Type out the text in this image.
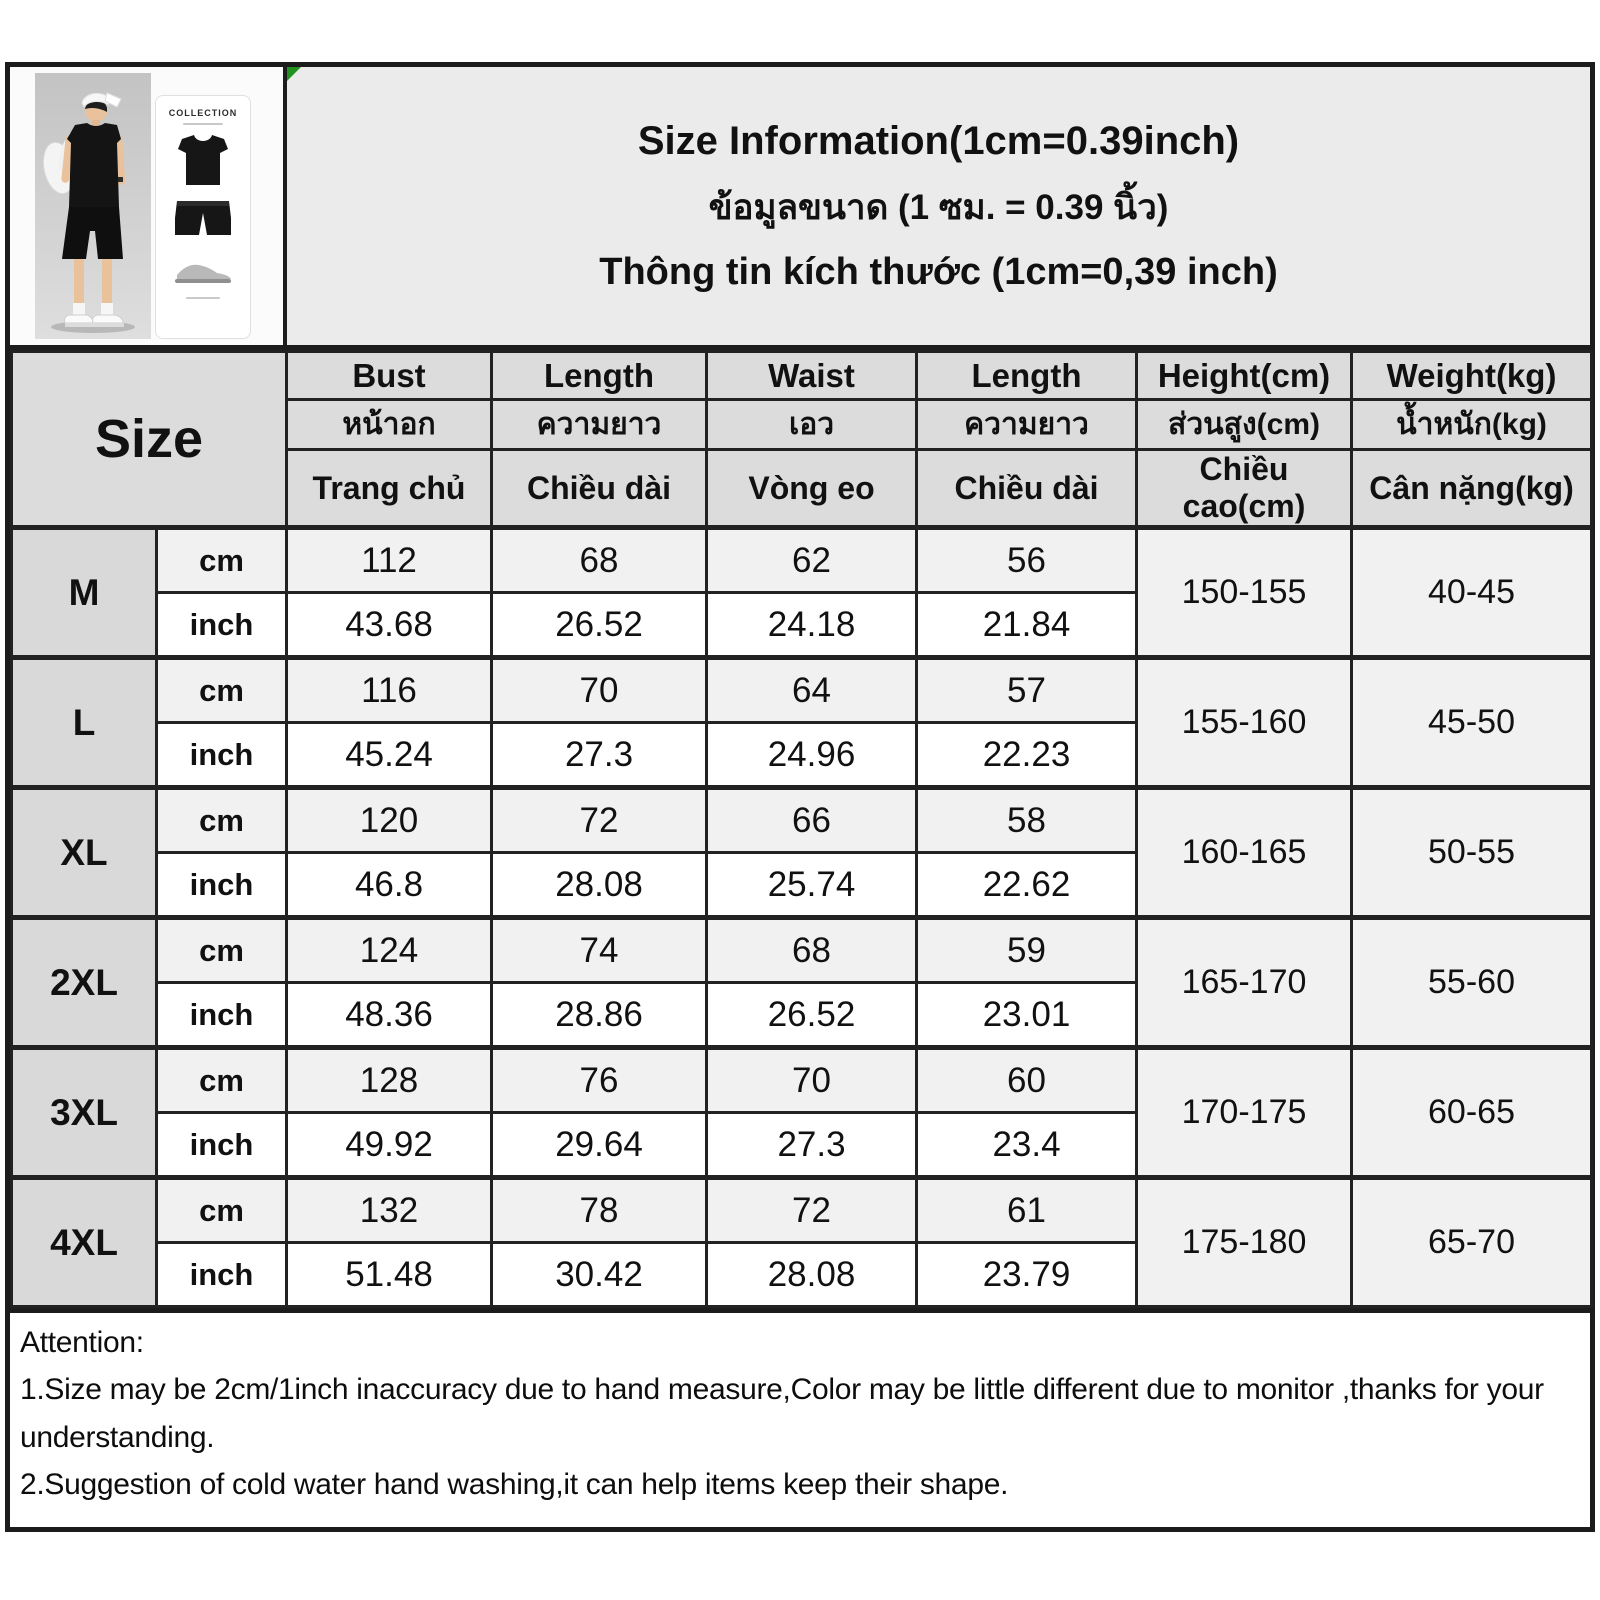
COLLECTION
Size Information(1cm=0.39inch)
ข้อมูลขนาด (1 ซม. = 0.39 นิ้ว)
Thông tin kích thước (1cm=0,39 inch)
Size		Bust	Length	Waist	Length	Height(cm)	Weight(kg)
		หน้าอก	ความยาว	เอว	ความยาว	ส่วนสูง(cm)	น้ำหนัก(kg)
		Trang chủ	Chiều dài	Vòng eo	Chiều dài	Chiều cao(cm)	Cân nặng(kg)
M	cm	112	68	62	56	150-155	40-45
	inch	43.68	26.52	24.18	21.84		
L	cm	116	70	64	57	155-160	45-50
	inch	45.24	27.3	24.96	22.23		
XL	cm	120	72	66	58	160-165	50-55
	inch	46.8	28.08	25.74	22.62		
2XL	cm	124	74	68	59	165-170	55-60
	inch	48.36	28.86	26.52	23.01		
3XL	cm	128	76	70	60	170-175	60-65
	inch	49.92	29.64	27.3	23.4		
4XL	cm	132	78	72	61	175-180	65-70
	inch	51.48	30.42	28.08	23.79		

Attention:

1.Size may be 2cm/1inch inaccuracy due to hand measure,Color may be little different due to monitor ,thanks for your understanding.

2.Suggestion of cold water hand washing,it can help items keep their shape.
